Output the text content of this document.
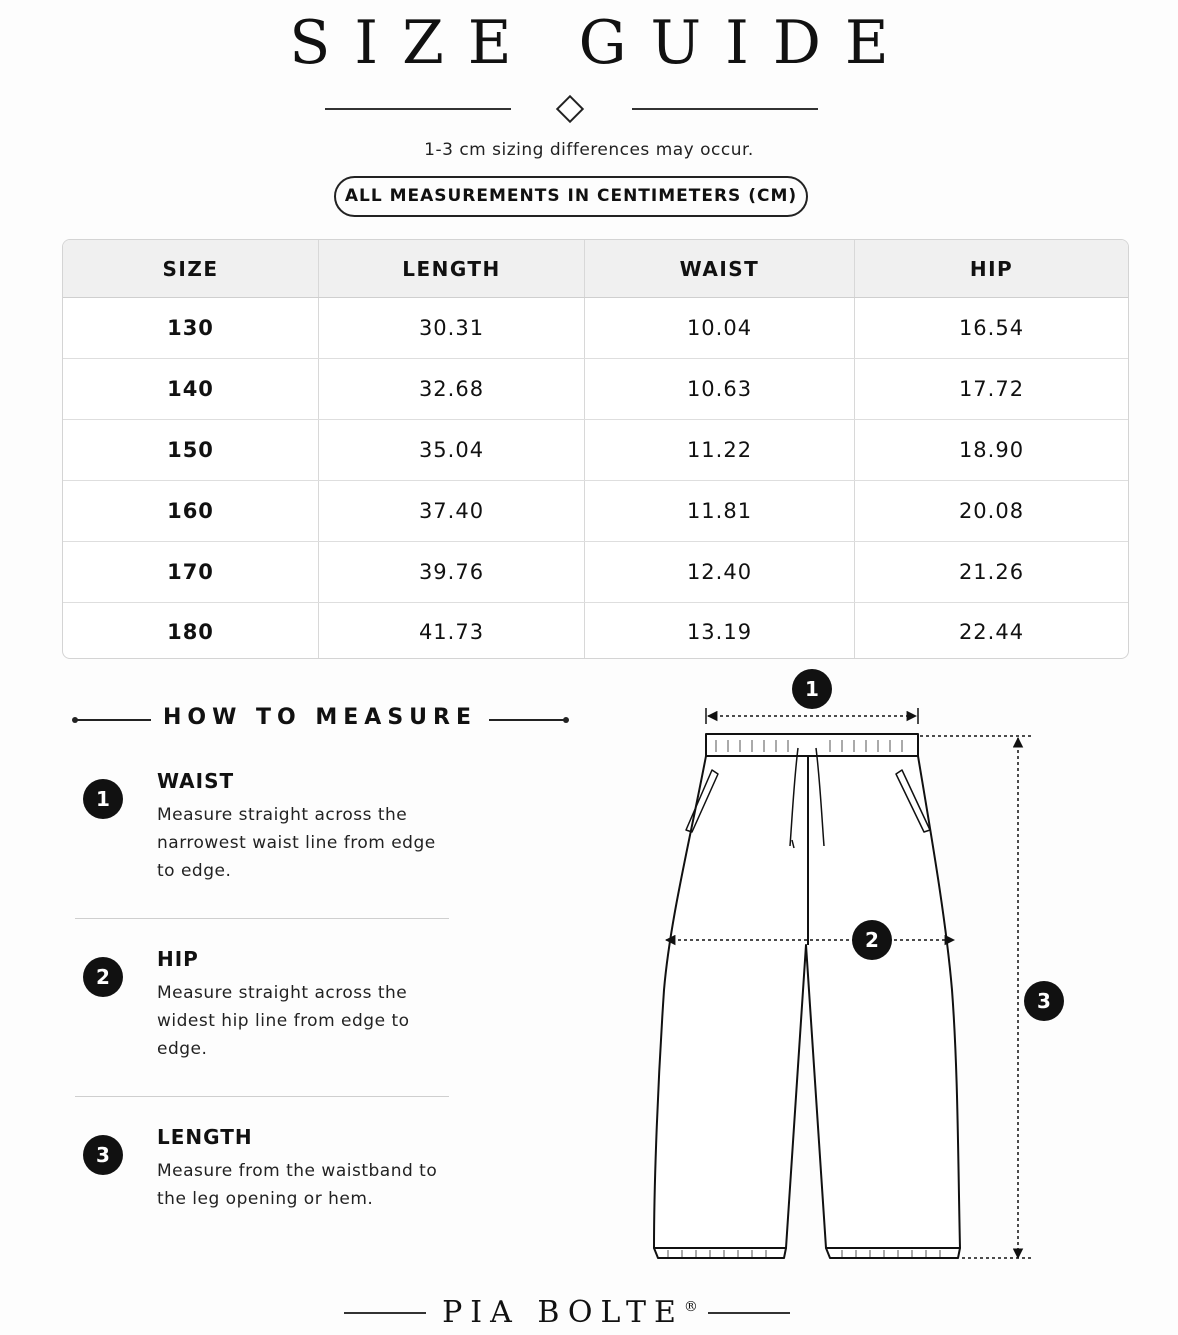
SIZE GUIDE
1-3 cm sizing differences may occur.
ALL MEASUREMENTS IN CENTIMETERS (CM)
SIZE	LENGTH	WAIST	HIP
130	30.31	10.04	16.54
140	32.68	10.63	17.72
150	35.04	11.22	18.90
160	37.40	11.81	20.08
170	39.76	12.40	21.26
180	41.73	13.19	22.44
HOW TO MEASURE
1
WAIST
Measure straight across the narrowest waist line from edge to edge.
2
HIP
Measure straight across the widest hip line from edge to edge.
3
LENGTH
Measure from the waistband to the leg opening or hem.
1
2
3
PIA BOLTE®
